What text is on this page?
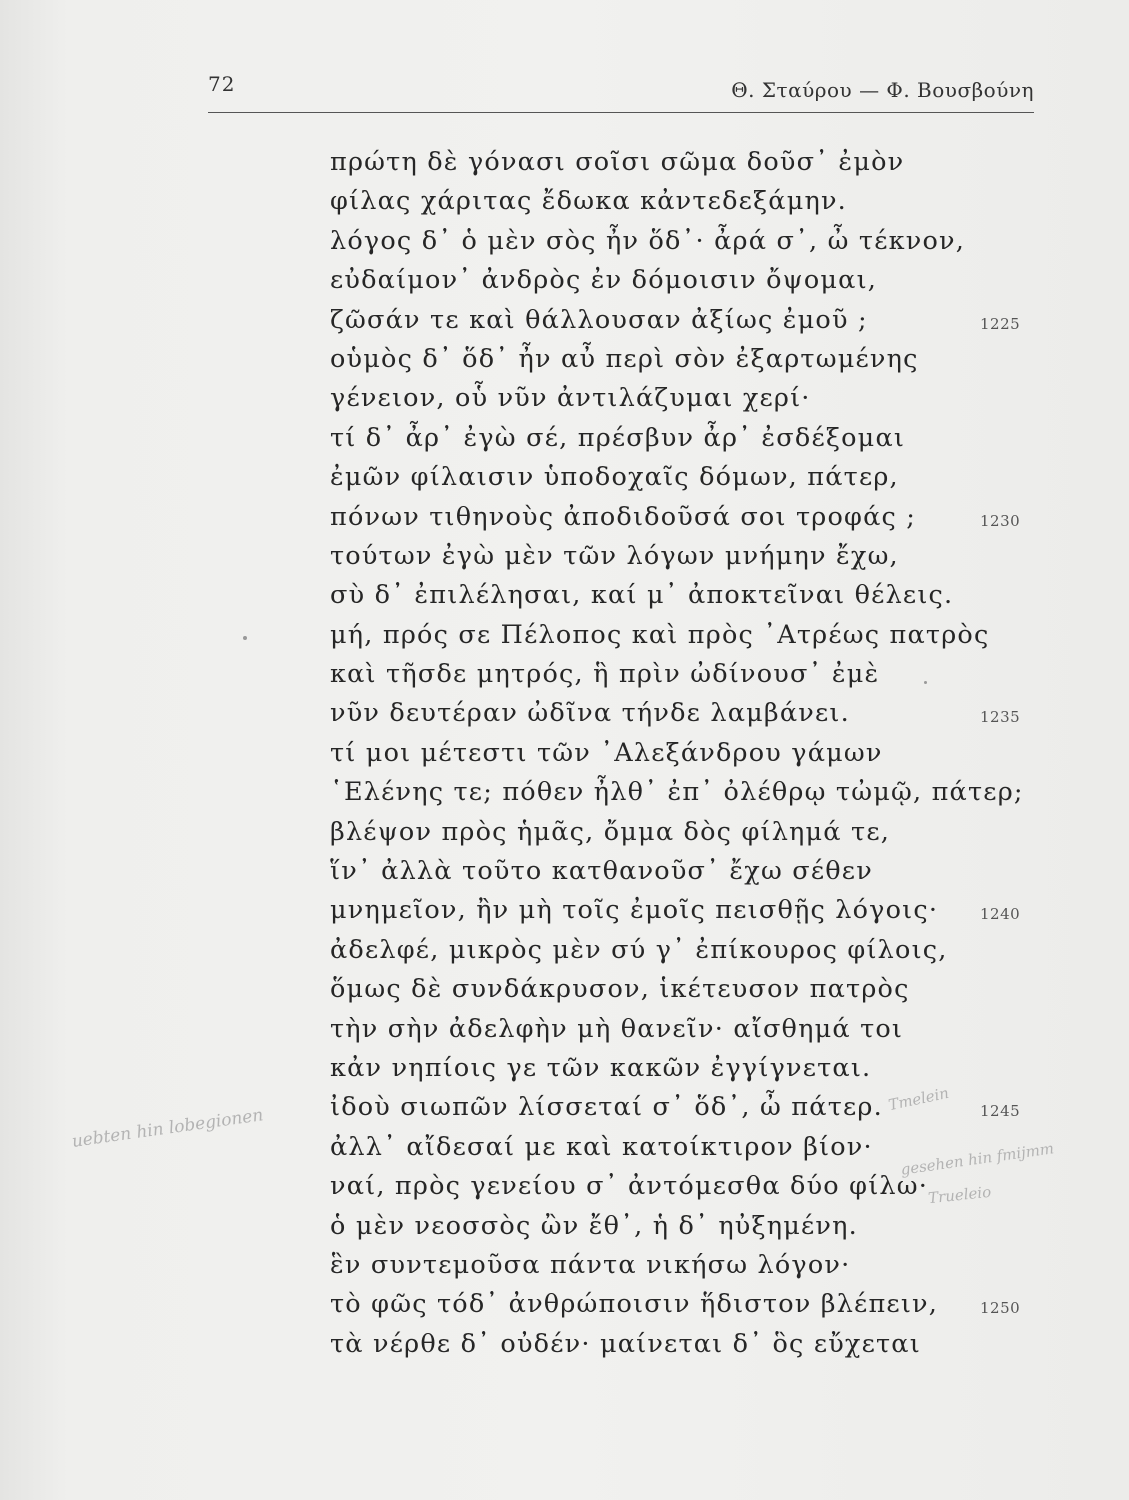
72	Θ. Σταύρου — Φ. Βουσβούνη
πρώτη δὲ γόνασι σοῖσι σῶμα δοῦσ᾽ ἐμὸν
φίλας χάριτας ἔδωκα κἀντεδεξάμην.
λόγος δ᾽ ὁ μὲν σὸς ἦν ὅδ᾽· ἆρά σ᾽, ὦ τέκνον,
εὐδαίμον᾽ ἀνδρὸς ἐν δόμοισιν ὄψομαι,
ζῶσάν τε καὶ θάλλουσαν ἀξίως ἐμοῦ ;	1225
οὑμὸς δ᾽ ὅδ᾽ ἦν αὖ περὶ σὸν ἐξαρτωμένης
γένειον, οὗ νῦν ἀντιλάζυμαι χερί·
τί δ᾽ ἆρ᾽ ἐγὼ σέ, πρέσβυν ἆρ᾽ ἐσδέξομαι
ἐμῶν φίλαισιν ὑποδοχαῖς δόμων, πάτερ,
πόνων τιθηνοὺς ἀποδιδοῦσά σοι τροφάς ;	1230
τούτων ἐγὼ μὲν τῶν λόγων μνήμην ἔχω,
σὺ δ᾽ ἐπιλέλησαι, καί μ᾽ ἀποκτεῖναι θέλεις.
μή, πρός σε Πέλοπος καὶ πρὸς ᾽Ατρέως πατρὸς
καὶ τῆσδε μητρός, ἣ πρὶν ὠδίνουσ᾽ ἐμὲ
νῦν δευτέραν ὠδῖνα τήνδε λαμβάνει.	1235
τί μοι μέτεστι τῶν ᾽Αλεξάνδρου γάμων
῾Ελένης τε; πόθεν ἦλθ᾽ ἐπ᾽ ὀλέθρῳ τὠμῷ, πάτερ;
βλέψον πρὸς ἡμᾶς, ὄμμα δὸς φίλημά τε,
ἵν᾽ ἀλλὰ τοῦτο κατθανοῦσ᾽ ἔχω σέθεν
μνημεῖον, ἢν μὴ τοῖς ἐμοῖς πεισθῇς λόγοις·	1240
ἀδελφέ, μικρὸς μὲν σύ γ᾽ ἐπίκουρος φίλοις,
ὅμως δὲ συνδάκρυσον, ἱκέτευσον πατρὸς
τὴν σὴν ἀδελφὴν μὴ θανεῖν· αἴσθημά τοι
κἀν νηπίοις γε τῶν κακῶν ἐγγίγνεται.
ἰδοὺ σιωπῶν λίσσεταί σ᾽ ὅδ᾽, ὦ πάτερ.	1245
ἀλλ᾽ αἴδεσαί με καὶ κατοίκτιρον βίον·
ναί, πρὸς γενείου σ᾽ ἀντόμεσθα δύο φίλω·
ὁ μὲν νεοσσὸς ὢν ἔθ᾽, ἡ δ᾽ ηὐξημένη.
ἓν συντεμοῦσα πάντα νικήσω λόγον·
τὸ φῶς τόδ᾽ ἀνθρώποισιν ἥδιστον βλέπειν,	1250
τὰ νέρθε δ᾽ οὐδέν· μαίνεται δ᾽ ὃς εὔχεται
uebten hin lobegionen
Tmelein
gesehen hin fmijmm
Trueleio
